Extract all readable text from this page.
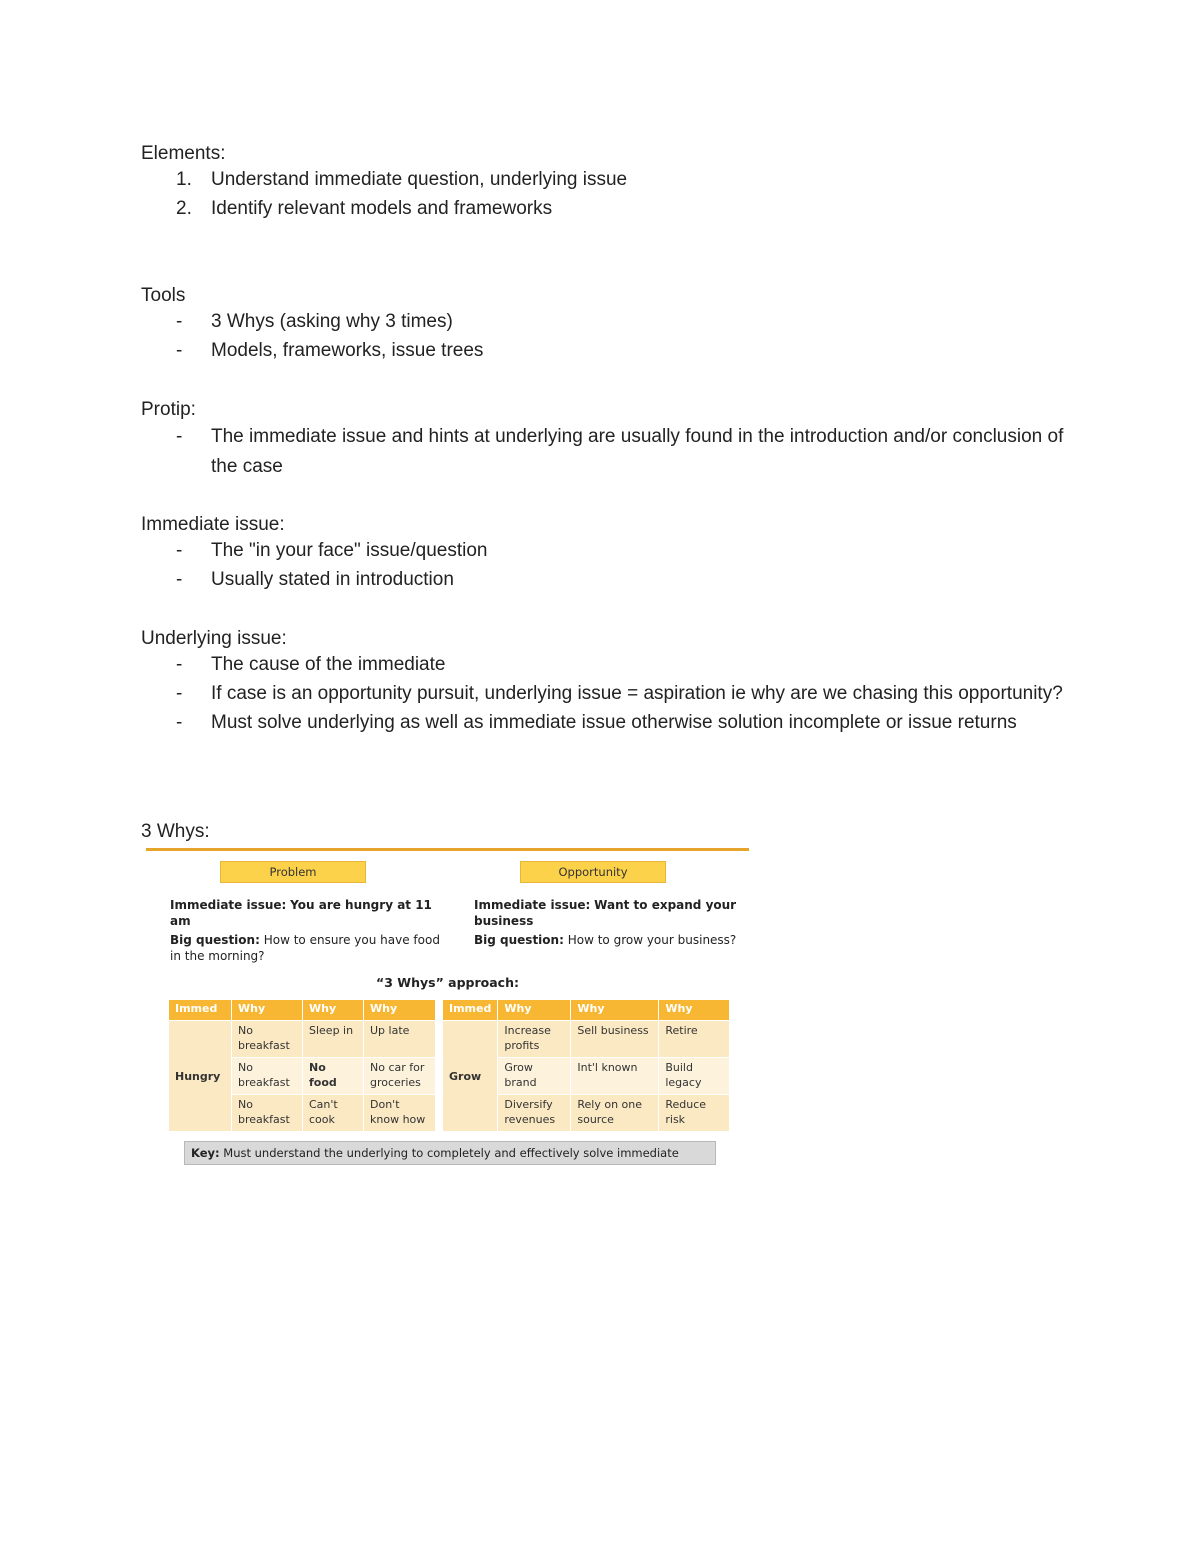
Elements:

1. Understand immediate question, underlying issue
2. Identify relevant models and frameworks

Tools

- 3 Whys (asking why 3 times)
- Models, frameworks, issue trees

Protip:

- The immediate issue and hints at underlying are usually found in the introduction and/or conclusion of the case

Immediate issue:

- The "in your face" issue/question
- Usually stated in introduction

Underlying issue:

- The cause of the immediate
- If case is an opportunity pursuit, underlying issue = aspiration ie why are we chasing this opportunity?
- Must solve underlying as well as immediate issue otherwise solution incomplete or issue returns

3 Whys:

Problem	Opportunity
Immediate issue: You are hungry at 11 am
Big question: How to ensure you have food in the morning?
Immediate issue: Want to expand your business
Big question: How to grow your business?
“3 Whys” approach:
Immed	Why	Why	Why
Hungry	No breakfast	Sleep in	Up late
	No breakfast	No food	No car for groceries
	No breakfast	Can't cook	Don't know how
Immed	Why	Why	Why
Grow	Increase profits	Sell business	Retire
	Grow brand	Int'l known	Build legacy
	Diversify revenues	Rely on one source	Reduce risk
Key: Must understand the underlying to completely and effectively solve immediate
